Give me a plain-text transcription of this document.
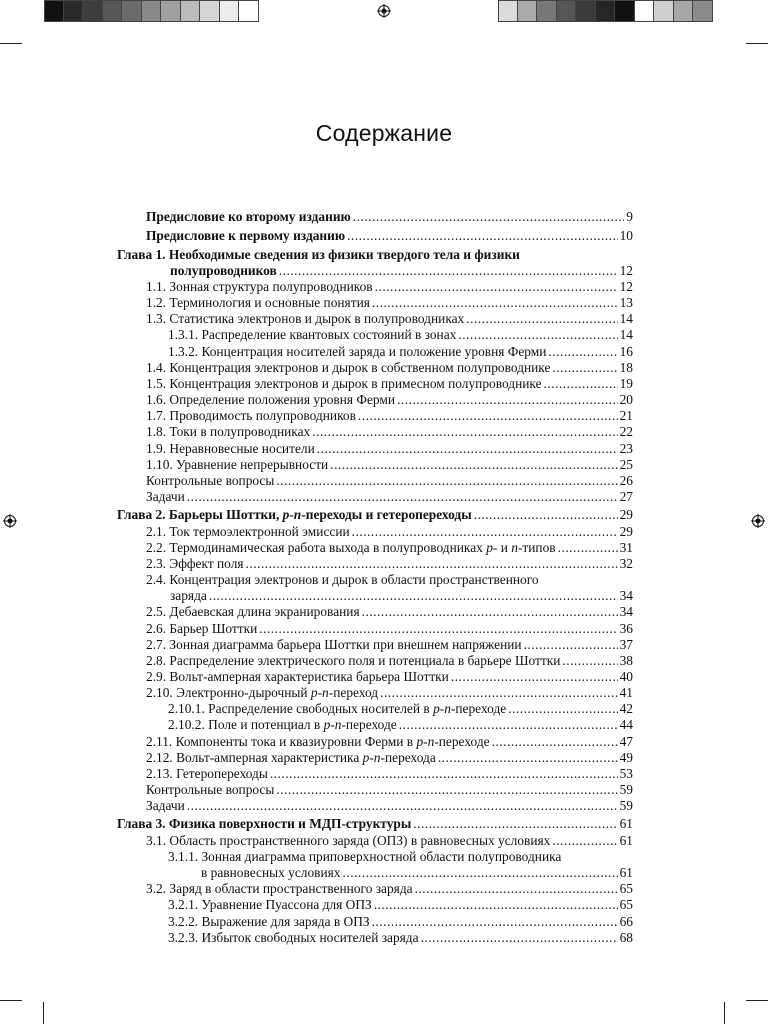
Содержание
Предисловие ко второму изданию .....	9
Предисловие к первому изданию .....	10
Глава 1. Необходимые сведения из физики твердого тела и физики
полупроводников .....	12
1.1. Зонная структура полупроводников .....	12
1.2. Терминология и основные понятия .....	13
1.3. Статистика электронов и дырок в полупроводниках .....	14
1.3.1. Распределение квантовых состояний в зонах .....	14
1.3.2. Концентрация носителей заряда и положение уровня Ферми .....	16
1.4. Концентрация электронов и дырок в собственном полупроводнике .....	18
1.5. Концентрация электронов и дырок в примесном полупроводнике .....	19
1.6. Определение положения уровня Ферми .....	20
1.7. Проводимость полупроводников .....	21
1.8. Токи в полупроводниках .....	22
1.9. Неравновесные носители .....	23
1.10. Уравнение непрерывности .....	25
Контрольные вопросы .....	26
Задачи .....	27
Глава 2. Барьеры Шоттки, p-n-переходы и гетеропереходы .....	29
2.1. Ток термоэлектронной эмиссии .....	29
2.2. Термодинамическая работа выхода в полупроводниках p- и n-типов .....	31
2.3. Эффект поля .....	32
2.4. Концентрация электронов и дырок в области пространственного
заряда .....	34
2.5. Дебаевская длина экранирования .....	34
2.6. Барьер Шоттки .....	36
2.7. Зонная диаграмма барьера Шоттки при внешнем напряжении .....	37
2.8. Распределение электрического поля и потенциала в барьере Шоттки .....	38
2.9. Вольт-амперная характеристика барьера Шоттки .....	40
2.10. Электронно-дырочный p-n-переход .....	41
2.10.1. Распределение свободных носителей в p-n-переходе .....	42
2.10.2. Поле и потенциал в p-n-переходе .....	44
2.11. Компоненты тока и квазиуровни Ферми в p-n-переходе .....	47
2.12. Вольт-амперная характеристика p-n-перехода .....	49
2.13. Гетеропереходы .....	53
Контрольные вопросы .....	59
Задачи .....	59
Глава 3. Физика поверхности и МДП-структуры .....	61
3.1. Область пространственного заряда (ОПЗ) в равновесных условиях .....	61
3.1.1. Зонная диаграмма приповерхностной области полупроводника
в равновесных условиях .....	61
3.2. Заряд в области пространственного заряда .....	65
3.2.1. Уравнение Пуассона для ОПЗ .....	65
3.2.2. Выражение для заряда в ОПЗ .....	66
3.2.3. Избыток свободных носителей заряда .....	68
